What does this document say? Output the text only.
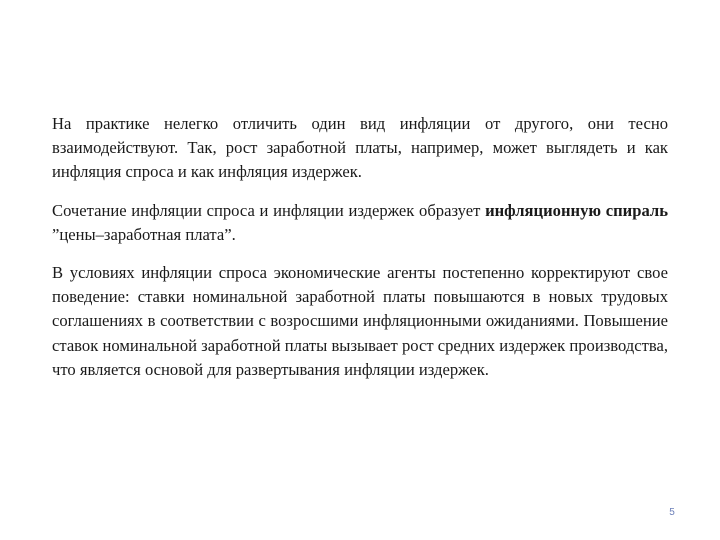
На практике нелегко отличить один вид инфляции от другого, они тесно взаимодействуют. Так, рост заработной платы, например, может выглядеть и как инфляция спроса и как инфляция издержек.

Сочетание инфляции спроса и инфляции издержек образует инфляционную спираль ”цены–заработная плата”.

В условиях инфляции спроса экономические агенты постепенно корректируют свое поведение: ставки номинальной заработной платы повышаются в новых трудовых соглашениях в соответствии с возросшими инфляционными ожиданиями. Повышение ставок номинальной заработной платы вызывает рост средних издержек производства, что является основой для развертывания инфляции издержек.

5
